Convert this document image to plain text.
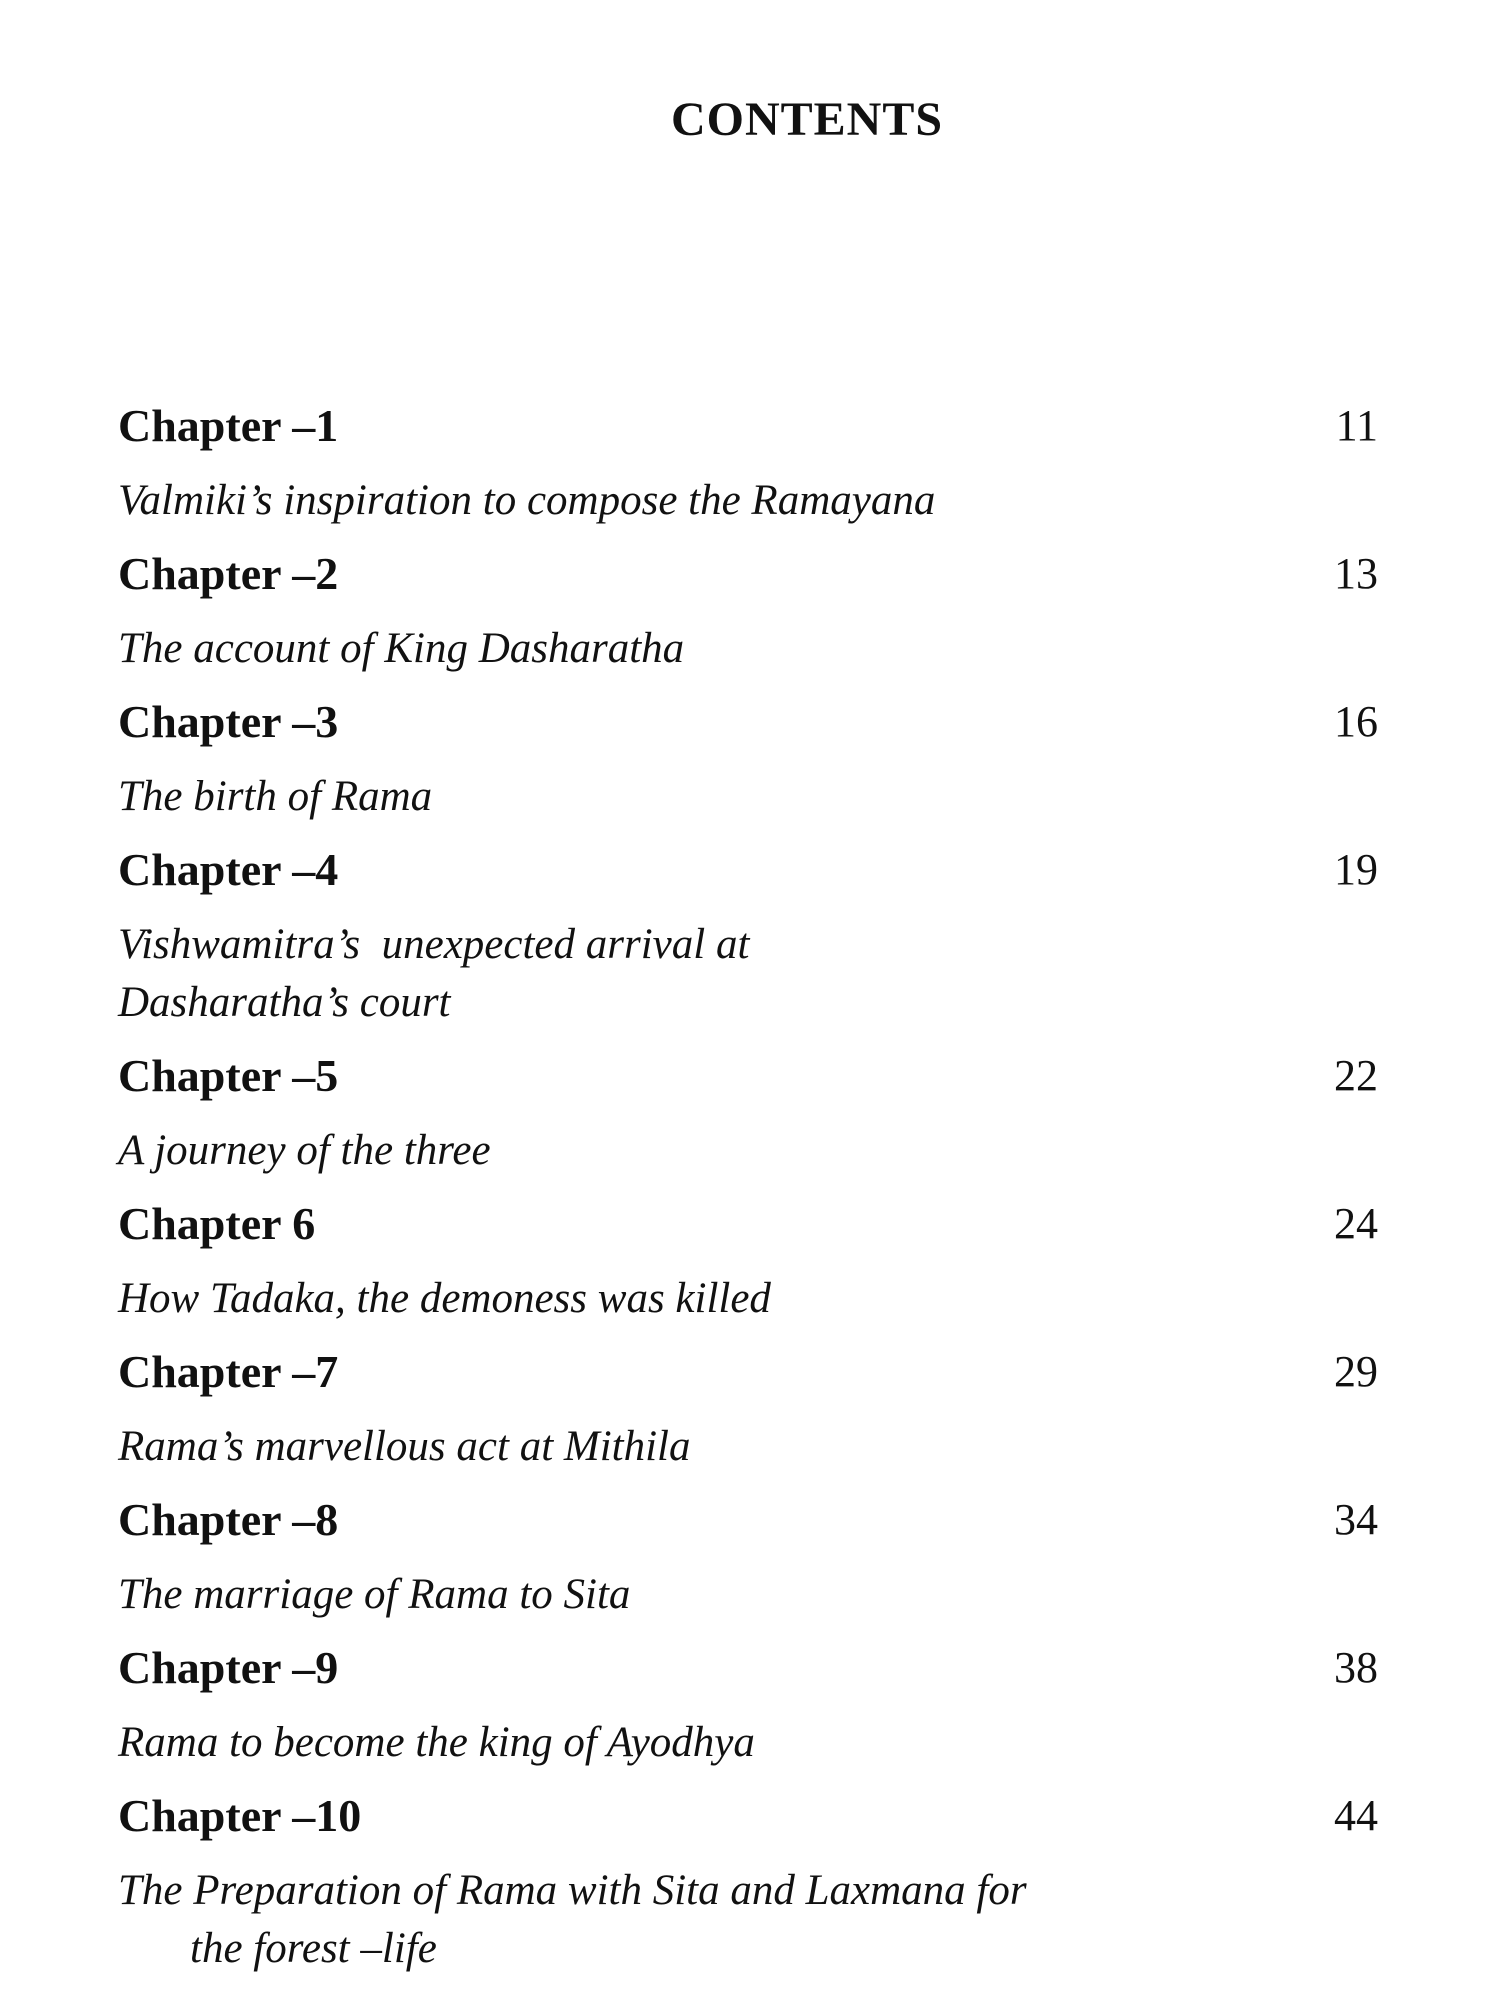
CONTENTS
Chapter –1	11
Valmiki’s inspiration to compose the Ramayana
Chapter –2	13
The account of King Dasharatha
Chapter –3	16
The birth of Rama
Chapter –4	19
Vishwamitra’s  unexpected arrival at
Dasharatha’s court
Chapter –5	22
A journey of the three
Chapter 6	24
How Tadaka, the demoness was killed
Chapter –7	29
Rama’s marvellous act at Mithila
Chapter –8	34
The marriage of Rama to Sita
Chapter –9	38
Rama to become the king of Ayodhya
Chapter –10	44
The Preparation of Rama with Sita and Laxmana for
the forest –life
